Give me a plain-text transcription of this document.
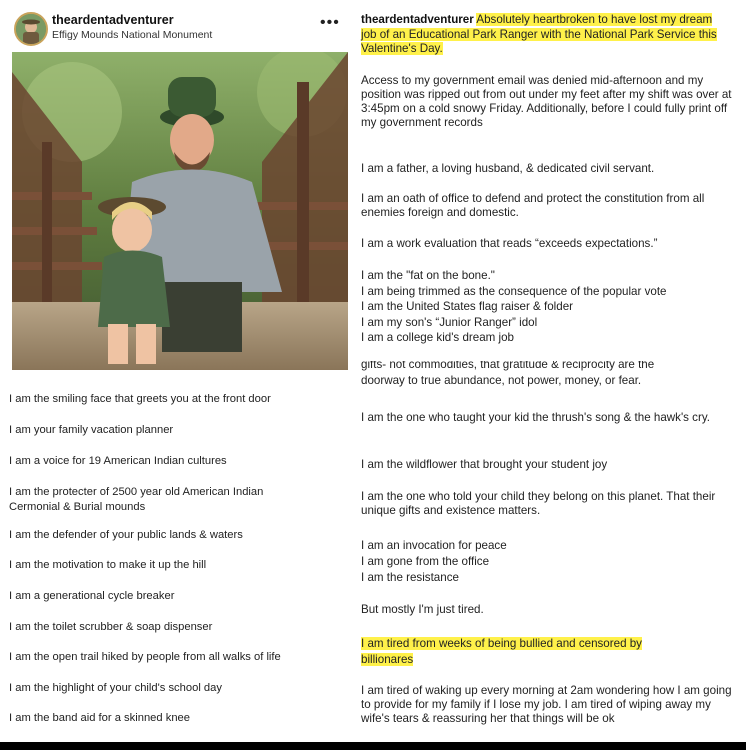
theardentadventurer
Effigy Mounds National Monument
•••
I am the smiling face that greets you at the front door
I am your family vacation planner
I am a voice for 19 American Indian cultures
I am the protecter of 2500 year old American Indian Cermonial & Burial mounds
I am the defender of your public lands & waters
I am the motivation to make it up the hill
I am a generational cycle breaker
I am the toilet scrubber & soap dispenser
I am the open trail hiked by people from all walks of life
I am the highlight of your child's school day
I am the band aid for a skinned knee
theardentadventurer Absolutely heartbroken to have lost my dream job of an Educational Park Ranger with the National Park Service this Valentine's Day.
Access to my government email was denied mid-afternoon and my position was ripped out from out under my feet after my shift was over at 3:45pm on a cold snowy Friday. Additionally, before I could fully print off my government records
I am a father, a loving husband, & dedicated civil servant.
I am an oath of office to defend and protect the constitution from all enemies foreign and domestic.
I am a work evaluation that reads “exceeds expectations.”
I am the "fat on the bone."
I am being trimmed as the consequence of the popular vote
I am the United States flag raiser & folder
I am my son's “Junior Ranger” idol
I am a college kid's dream job
$^{gifts- not commodities, that gratitude \& reciprocity are the}$
doorway to true abundance, not power, money, or fear.
I am the one who taught your kid the thrush's song & the hawk's cry.
I am the wildflower that brought your student joy
I am the one who told your child they belong on this planet. That their unique gifts and existence matters.
I am an invocation for peace
I am gone from the office
I am the resistance
But mostly I'm just tired.
I am tired from weeks of being bullied and censored by billionares
I am tired of waking up every morning at 2am wondering how I am going to provide for my family if I lose my job. I am tired of wiping away my wife's tears & reassuring her that things will be ok
